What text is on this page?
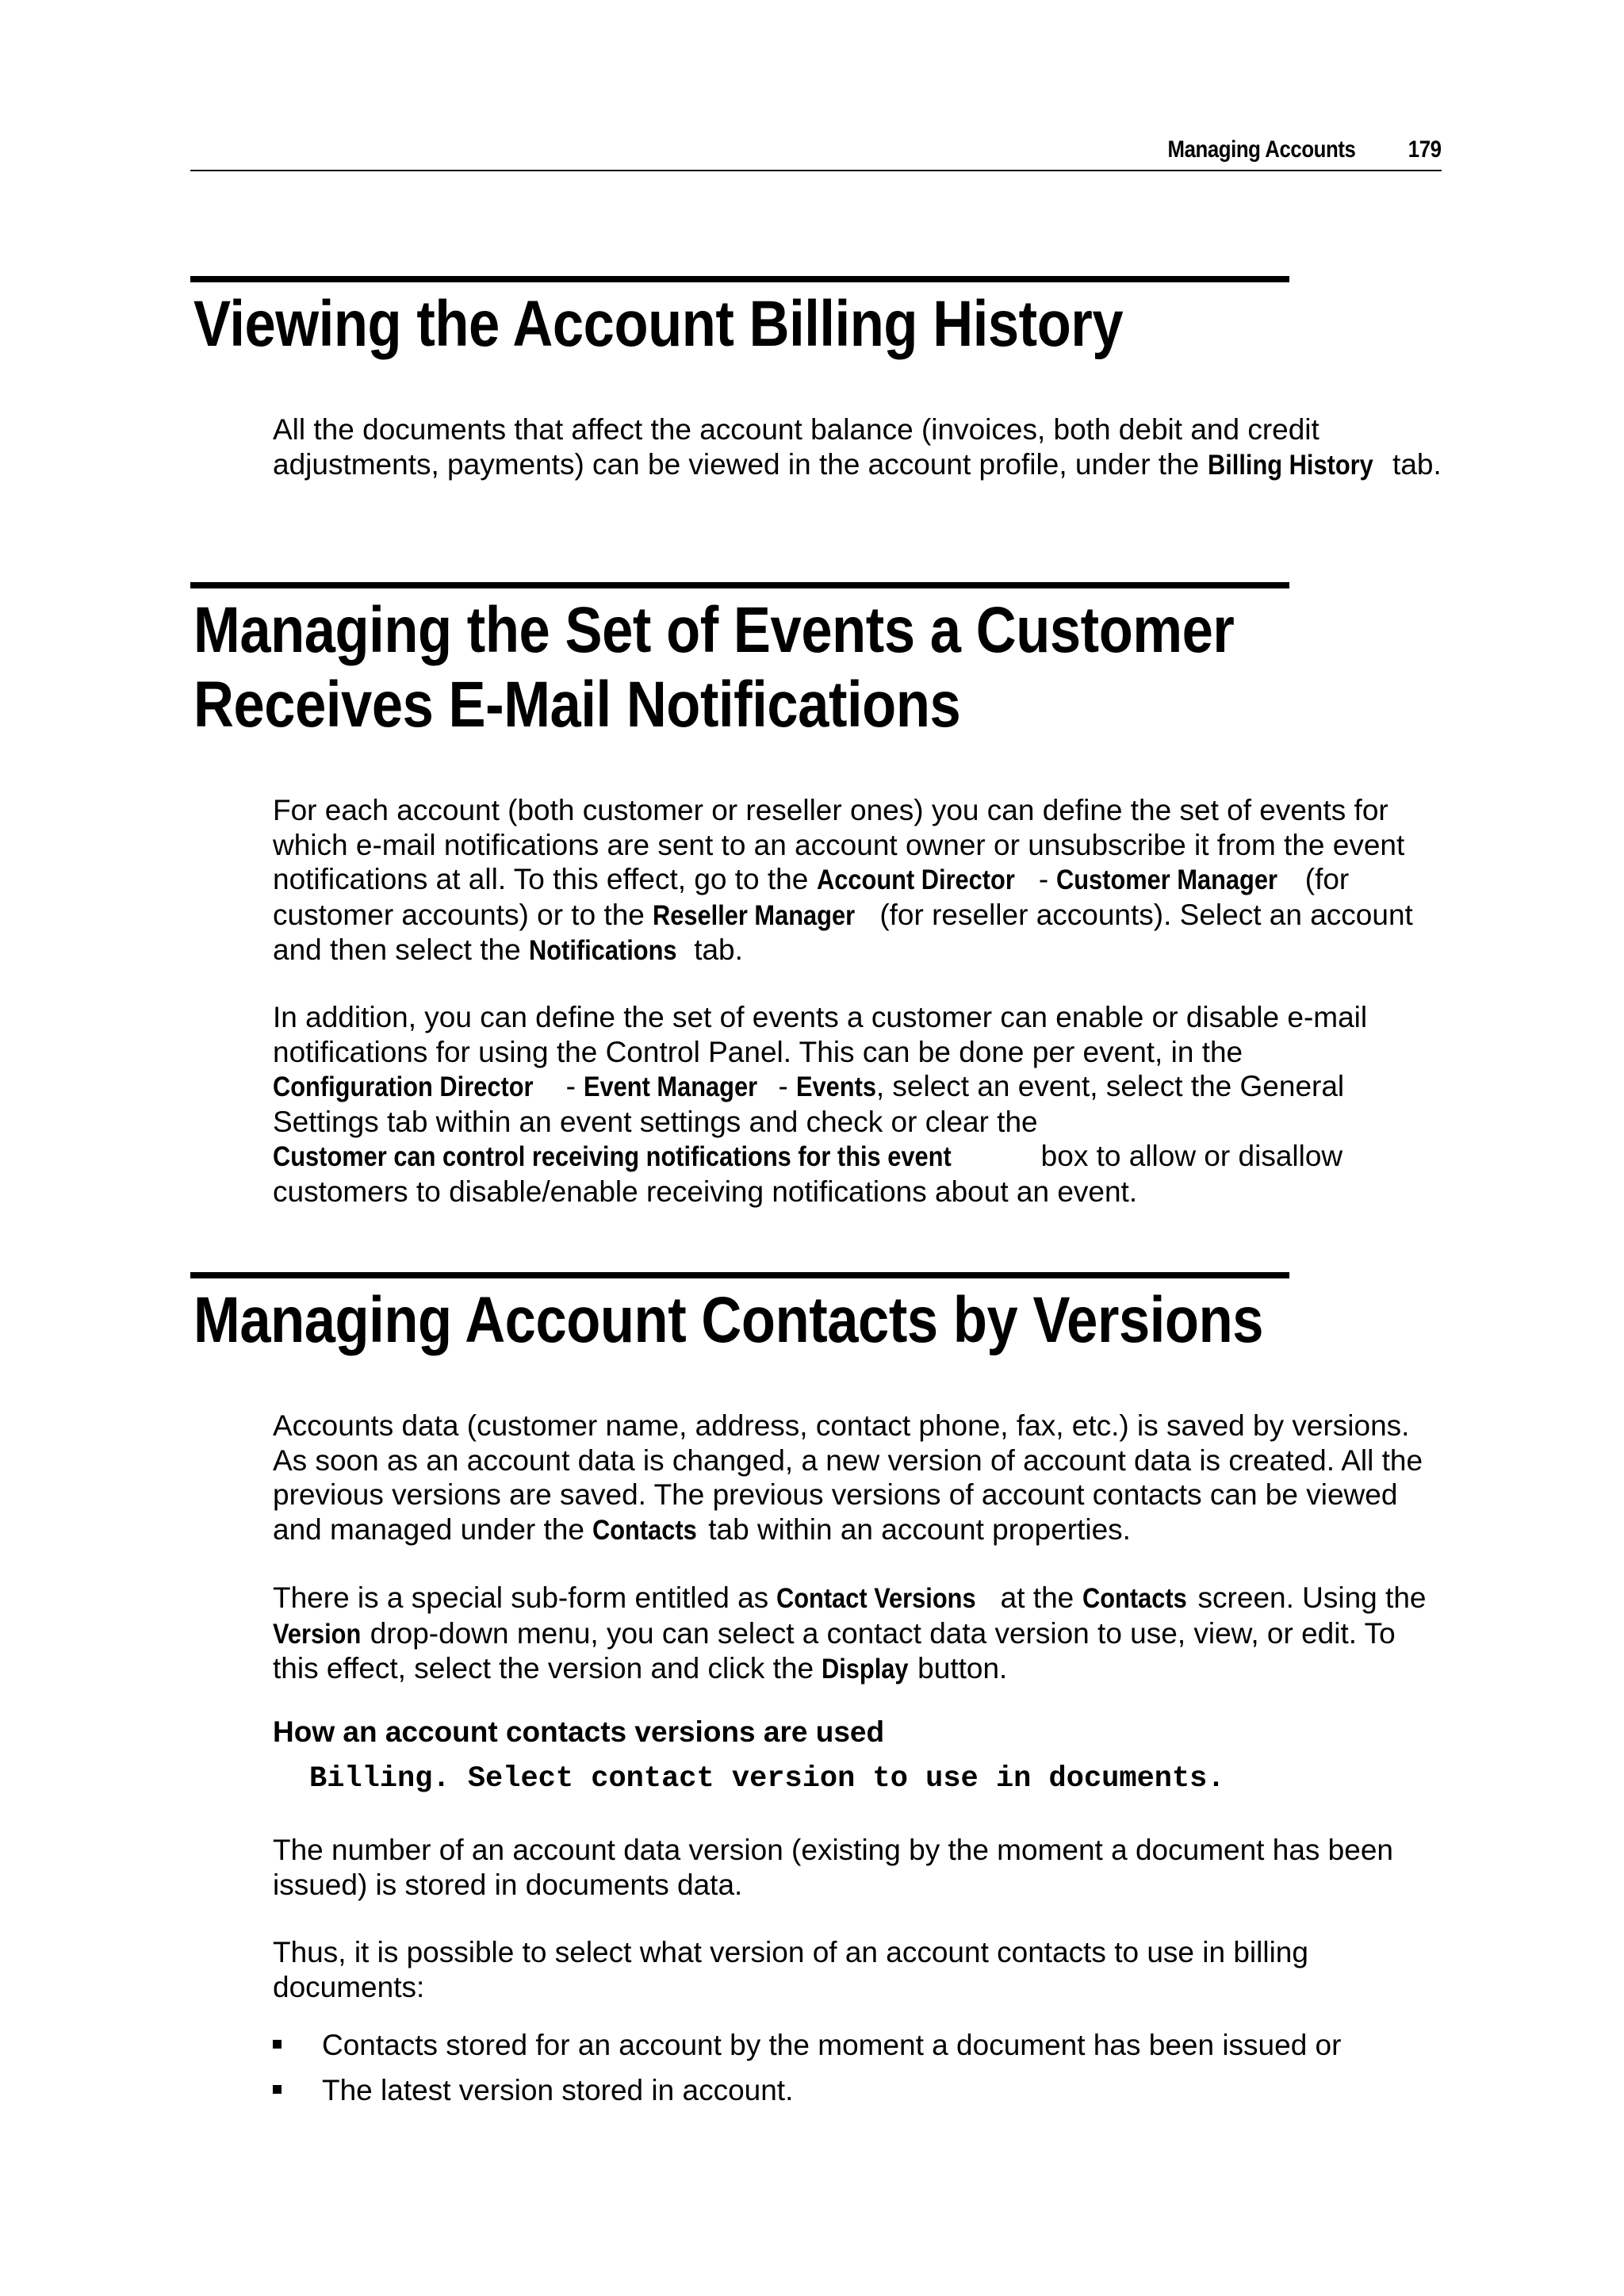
Managing Accounts 179
Viewing the Account Billing History

All the documents that affect the account balance (invoices, both debit and credit adjustments, payments) can be viewed in the account profile, under the Billing History tab.

Managing the Set of Events a Customer
Receives E-Mail Notifications

For each account (both customer or reseller ones) you can define the set of events for which e-mail notifications are sent to an account owner or unsubscribe it from the event notifications at all. To this effect, go to the Account Director - Customer Manager (for customer accounts) or to the Reseller Manager (for reseller accounts). Select an account and then select the Notifications tab.

In addition, you can define the set of events a customer can enable or disable e-mail notifications for using the Control Panel. This can be done per event, in the Configuration Director - Event Manager - Events, select an event, select the General Settings tab within an event settings and check or clear the Customer can control receiving notifications for this event	box to allow or disallow customers to disable/enable receiving notifications about an event.

Managing Account Contacts by Versions

Accounts data (customer name, address, contact phone, fax, etc.) is saved by versions. As soon as an account data is changed, a new version of account data is created. All the previous versions are saved. The previous versions of account contacts can be viewed and managed under the Contacts tab within an account properties.

There is a special sub-form entitled as Contact Versions at the Contacts screen. Using the Version drop-down menu, you can select a contact data version to use, view, or edit. To this effect, select the version and click the Display button.

How an account contacts versions are used
Billing. Select contact version to use in documents.

The number of an account data version (existing by the moment a document has been issued) is stored in documents data.

Thus, it is possible to select what version of an account contacts to use in billing documents:

Contacts stored for an account by the moment a document has been issued or
The latest version stored in account.
